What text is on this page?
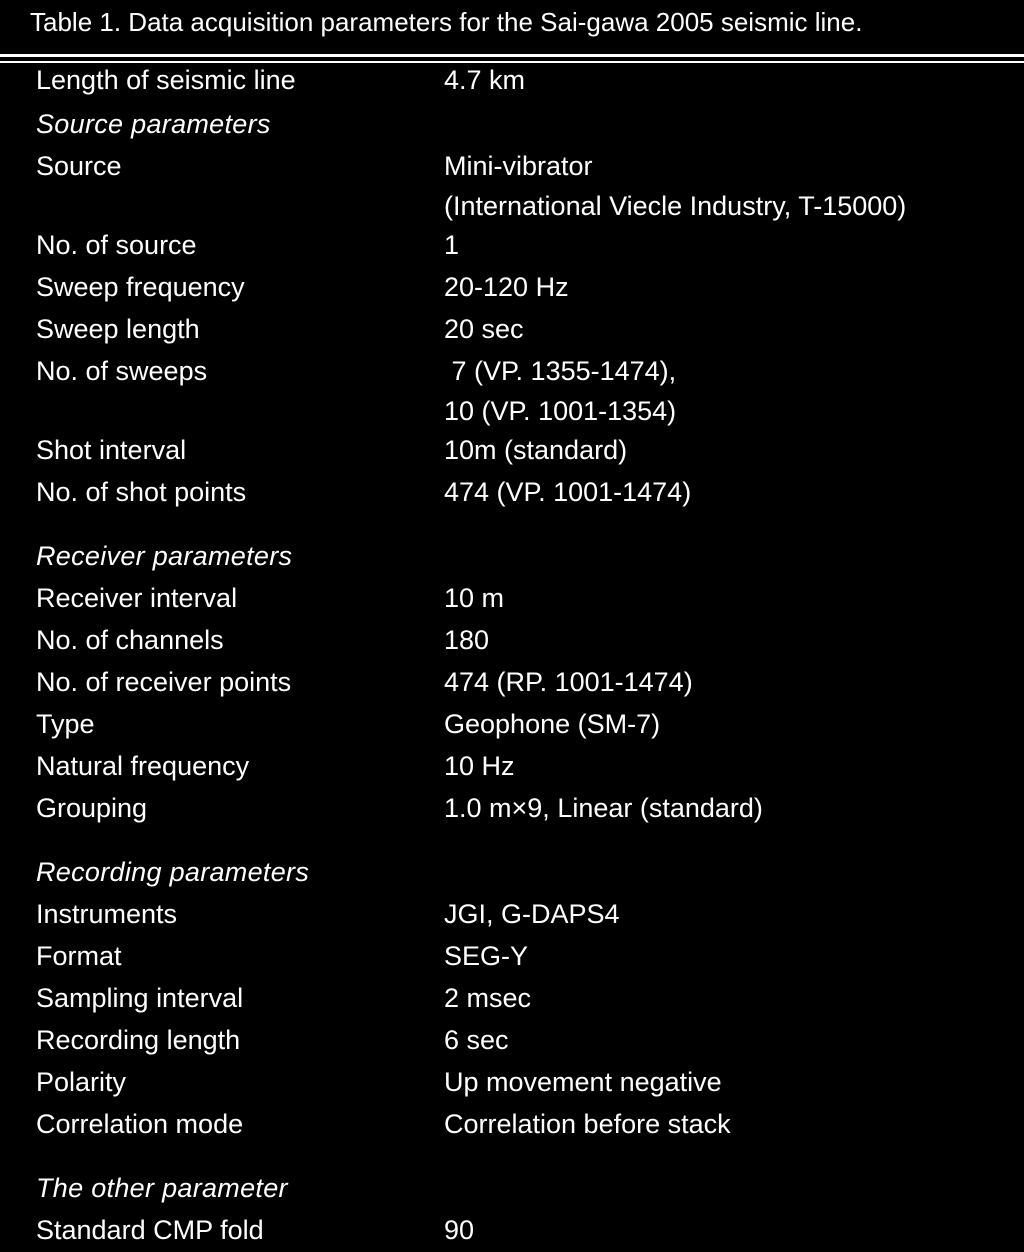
Table 1. Data acquisition parameters for the Sai-gawa 2005 seismic line.
Length of seismic line	4.7 km
Source parameters
Source	Mini-vibrator
(International Viecle Industry, T-15000)
No. of source	1
Sweep frequency	20-120 Hz
Sweep length	20 sec
No. of sweeps	7 (VP. 1355-1474),
10 (VP. 1001-1354)
Shot interval	10m (standard)
No. of shot points	474 (VP. 1001-1474)
Receiver parameters
Receiver interval	10 m
No. of channels	180
No. of receiver points	474 (RP. 1001-1474)
Type	Geophone (SM-7)
Natural frequency	10 Hz
Grouping	1.0 m×9, Linear (standard)
Recording parameters
Instruments	JGI, G-DAPS4
Format	SEG-Y
Sampling interval	2 msec
Recording length	6 sec
Polarity	Up movement negative
Correlation mode	Correlation before stack
The other parameter
Standard CMP fold	90
